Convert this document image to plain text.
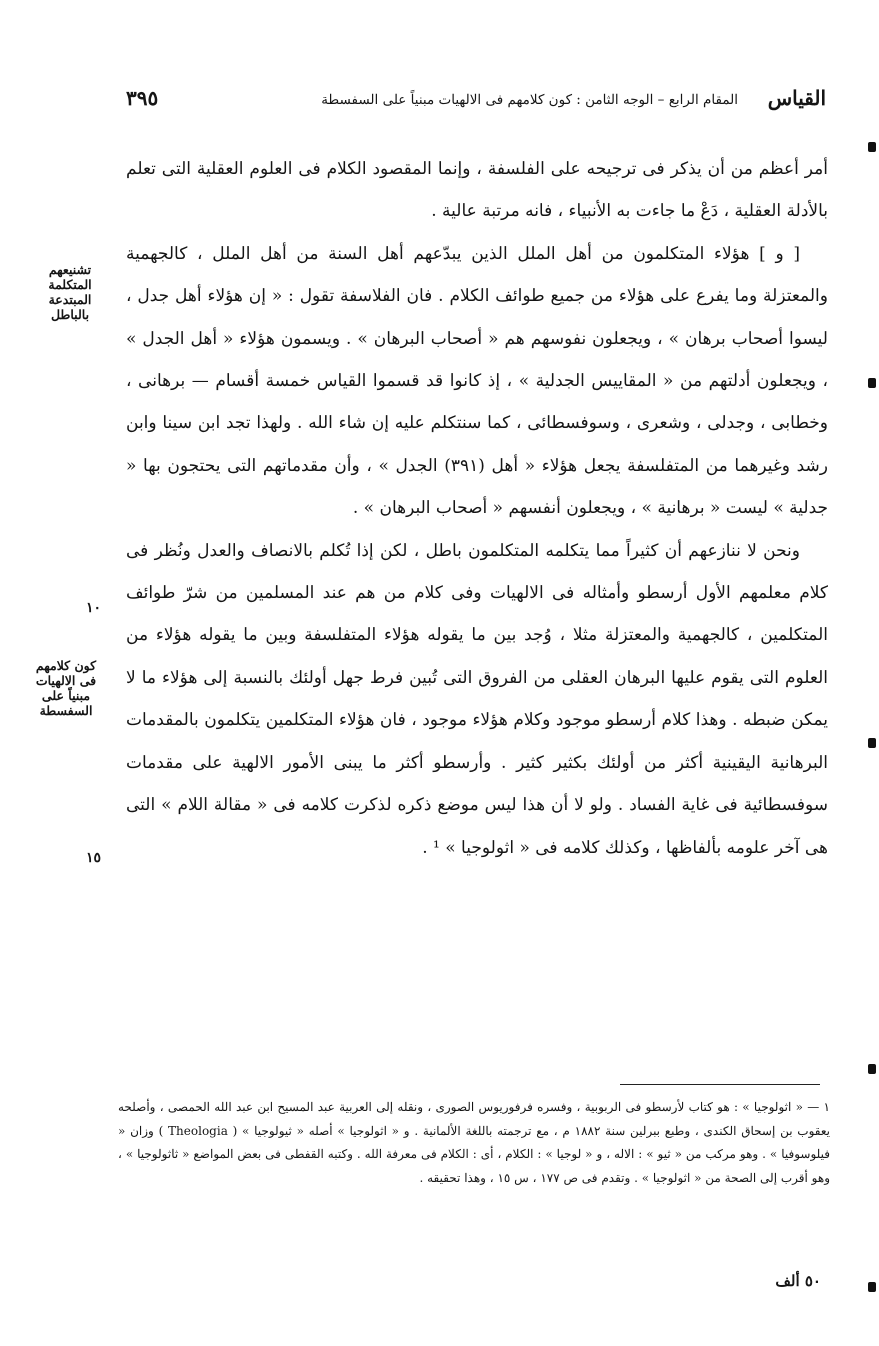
القياس
المقام الرابع – الوجه الثامن : كون كلامهم فى الالهيات مبنياً على السفسطة
٣٩٥

أمر أعظم من أن يذكر فى ترجيحه على الفلسفة ، وإنما المقصود الكلام فى العلوم العقلية التى تعلم بالأدلة العقلية ، دَعْ ما جاءت به الأنبياء ، فانه مرتبة عالية .

[ و ] هؤلاء المتكلمون من أهل الملل الذين يبدّعهم أهل السنة من أهل الملل ، كالجهمية والمعتزلة وما يفرع على هؤلاء من جميع طوائف الكلام . فان الفلاسفة تقول : « إن هؤلاء أهل جدل ، ليسوا أصحاب برهان » ، ويجعلون نفوسهم هم « أصحاب البرهان » . ويسمون هؤلاء « أهل الجدل » ، ويجعلون أدلتهم من « المقاييس الجدلية » ، إذ كانوا قد قسموا القياس خمسة أقسام — برهانى ، وخطابى ، وجدلى ، وشعرى ، وسوفسطائى ، كما سنتكلم عليه إن شاء الله . ولهذا تجد ابن سينا وابن رشد وغيرهما من المتفلسفة يجعل هؤلاء « أهل (٣٩١) الجدل » ، وأن مقدماتهم التى يحتجون بها « جدلية » ليست « برهانية » ، ويجعلون أنفسهم « أصحاب البرهان » .

ونحن لا ننازعهم أن كثيراً مما يتكلمه المتكلمون باطل ، لكن إذا تُكلم بالانصاف والعدل ونُظر فى كلام معلمهم الأول أرسطو وأمثاله فى الالهيات وفى كلام من هم عند المسلمين من شرّ طوائف المتكلمين ، كالجهمية والمعتزلة مثلا ، وُجد بين ما يقوله هؤلاء المتفلسفة وبين ما يقوله هؤلاء من العلوم التى يقوم عليها البرهان العقلى من الفروق التى تُبين فرط جهل أولئك بالنسبة إلى هؤلاء ما لا يمكن ضبطه . وهذا كلام أرسطو موجود وكلام هؤلاء موجود ، فان هؤلاء المتكلمين يتكلمون بالمقدمات البرهانية اليقينية أكثر من أولئك بكثير كثير . وأرسطو أكثر ما يبنى الأمور الالهية على مقدمات سوفسطائية فى غاية الفساد . ولو لا أن هذا ليس موضع ذكره لذكرت كلامه فى « مقالة اللام » التى هى آخر علومه بألفاظها ، وكذلك كلامه فى « اثولوجيا » ¹ .

تشنيعهم المتكلمة المبتدعة بالباطل
كون كلامهم فى الالهيات مبنياً على السفسطة
١٠
١٥
١ — « اثولوجيا » : هو كتاب لأرسطو فى الربوبية ، وفسره فرفوريوس الصورى ، ونقله إلى العربية عبد المسيح ابن عبد الله الحمصى ، وأصلحه يعقوب بن إسحاق الكندى ، وطبع ببرلين سنة ١٨٨٢ م ، مع ترجمته باللغة الألمانية . و « اثولوجيا » أصله « ثيولوجيا » ( Theologia ) وزان « فيلوسوفيا » . وهو مركب من « ثيو » : الاله ، و « لوجيا » : الكلام ، أى : الكلام فى معرفة الله . وكتبه القفطى فى بعض المواضع « ثاثولوجيا » ، وهو أقرب إلى الصحة من « اثولوجيا » . وتقدم فى ص ١٧٧ ، س ١٥ ، وهذا تحقيقه .
٥٠ ألف
